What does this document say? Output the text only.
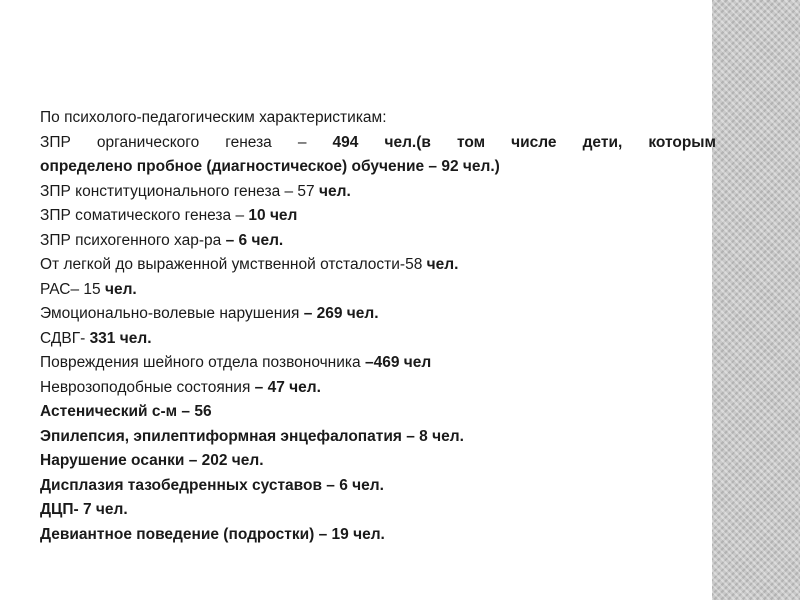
По психолого-педагогическим характеристикам:
ЗПР органического генеза – 494 чел.(в том числе дети, которым
определено пробное (диагностическое) обучение – 92 чел.)
ЗПР конституционального генеза – 57 чел.
ЗПР соматического генеза – 10 чел
ЗПР психогенного хар-ра – 6 чел.
От легкой до выраженной умственной отсталости-58 чел.
РАС– 15 чел.
Эмоционально-волевые нарушения – 269 чел.
СДВГ- 331 чел.
Повреждения шейного отдела позвоночника –469 чел
Неврозоподобные состояния – 47 чел.
Астенический с-м – 56
Эпилепсия, эпилептиформная энцефалопатия – 8 чел.
Нарушение осанки – 202 чел.
Дисплазия тазобедренных суставов – 6 чел.
ДЦП- 7 чел.
Девиантное поведение (подростки) – 19 чел.
